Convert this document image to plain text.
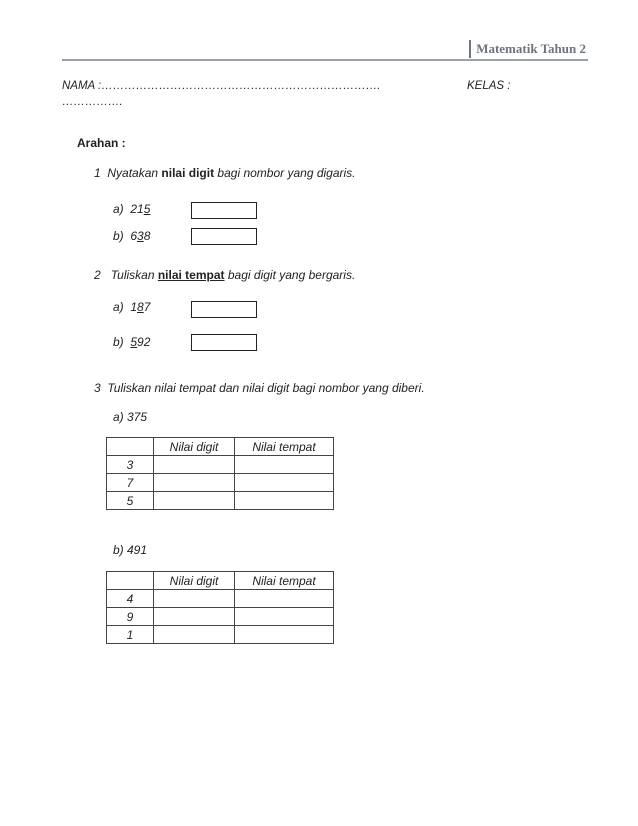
Matematik Tahun 2
NAMA :……………………………………………………………….	KELAS :
…………….
Arahan :
1 Nyatakan nilai digit bagi nombor yang digaris.
a) 215
b) 638
2 Tuliskan nilai tempat bagi digit yang bergaris.
a) 187
b) 592
3 Tuliskan nilai tempat dan nilai digit bagi nombor yang diberi.
a) 375
	Nilai digit	Nilai tempat
3		
7		
5		
b) 491
	Nilai digit	Nilai tempat
4		
9		
1		
